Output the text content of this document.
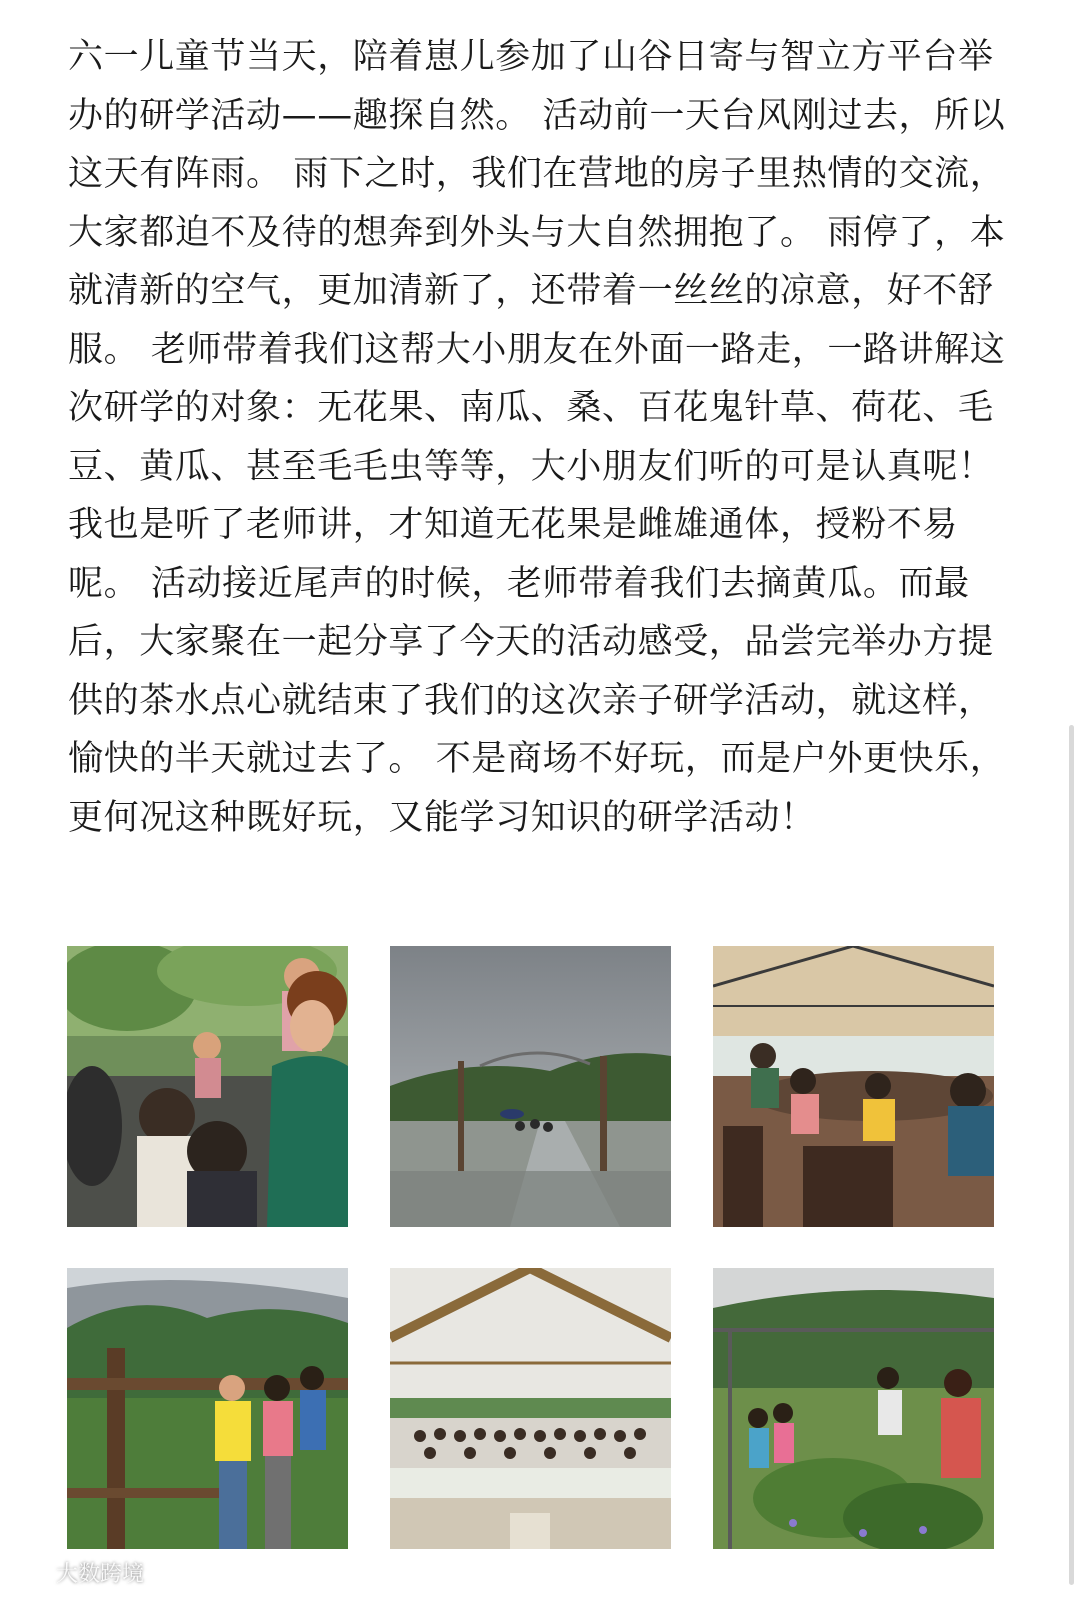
六一儿童节当天，陪着崽儿参加了山谷日寄与智立方平台举办的研学活动——趣探自然。 活动前一天台风刚过去，所以这天有阵雨。 雨下之时，我们在营地的房子里热情的交流，大家都迫不及待的想奔到外头与大自然拥抱了。 雨停了，本就清新的空气，更加清新了，还带着一丝丝的凉意，好不舒服。 老师带着我们这帮大小朋友在外面一路走，一路讲解这次研学的对象：无花果、南瓜、桑、百花鬼针草、荷花、毛豆、黄瓜、甚至毛毛虫等等，大小朋友们听的可是认真呢！我也是听了老师讲，才知道无花果是雌雄通体，授粉不易呢。 活动接近尾声的时候，老师带着我们去摘黄瓜。而最后，大家聚在一起分享了今天的活动感受，品尝完举办方提供的茶水点心就结束了我们的这次亲子研学活动，就这样，愉快的半天就过去了。 不是商场不好玩，而是户外更快乐，更何况这种既好玩，又能学习知识的研学活动！

大数跨境
